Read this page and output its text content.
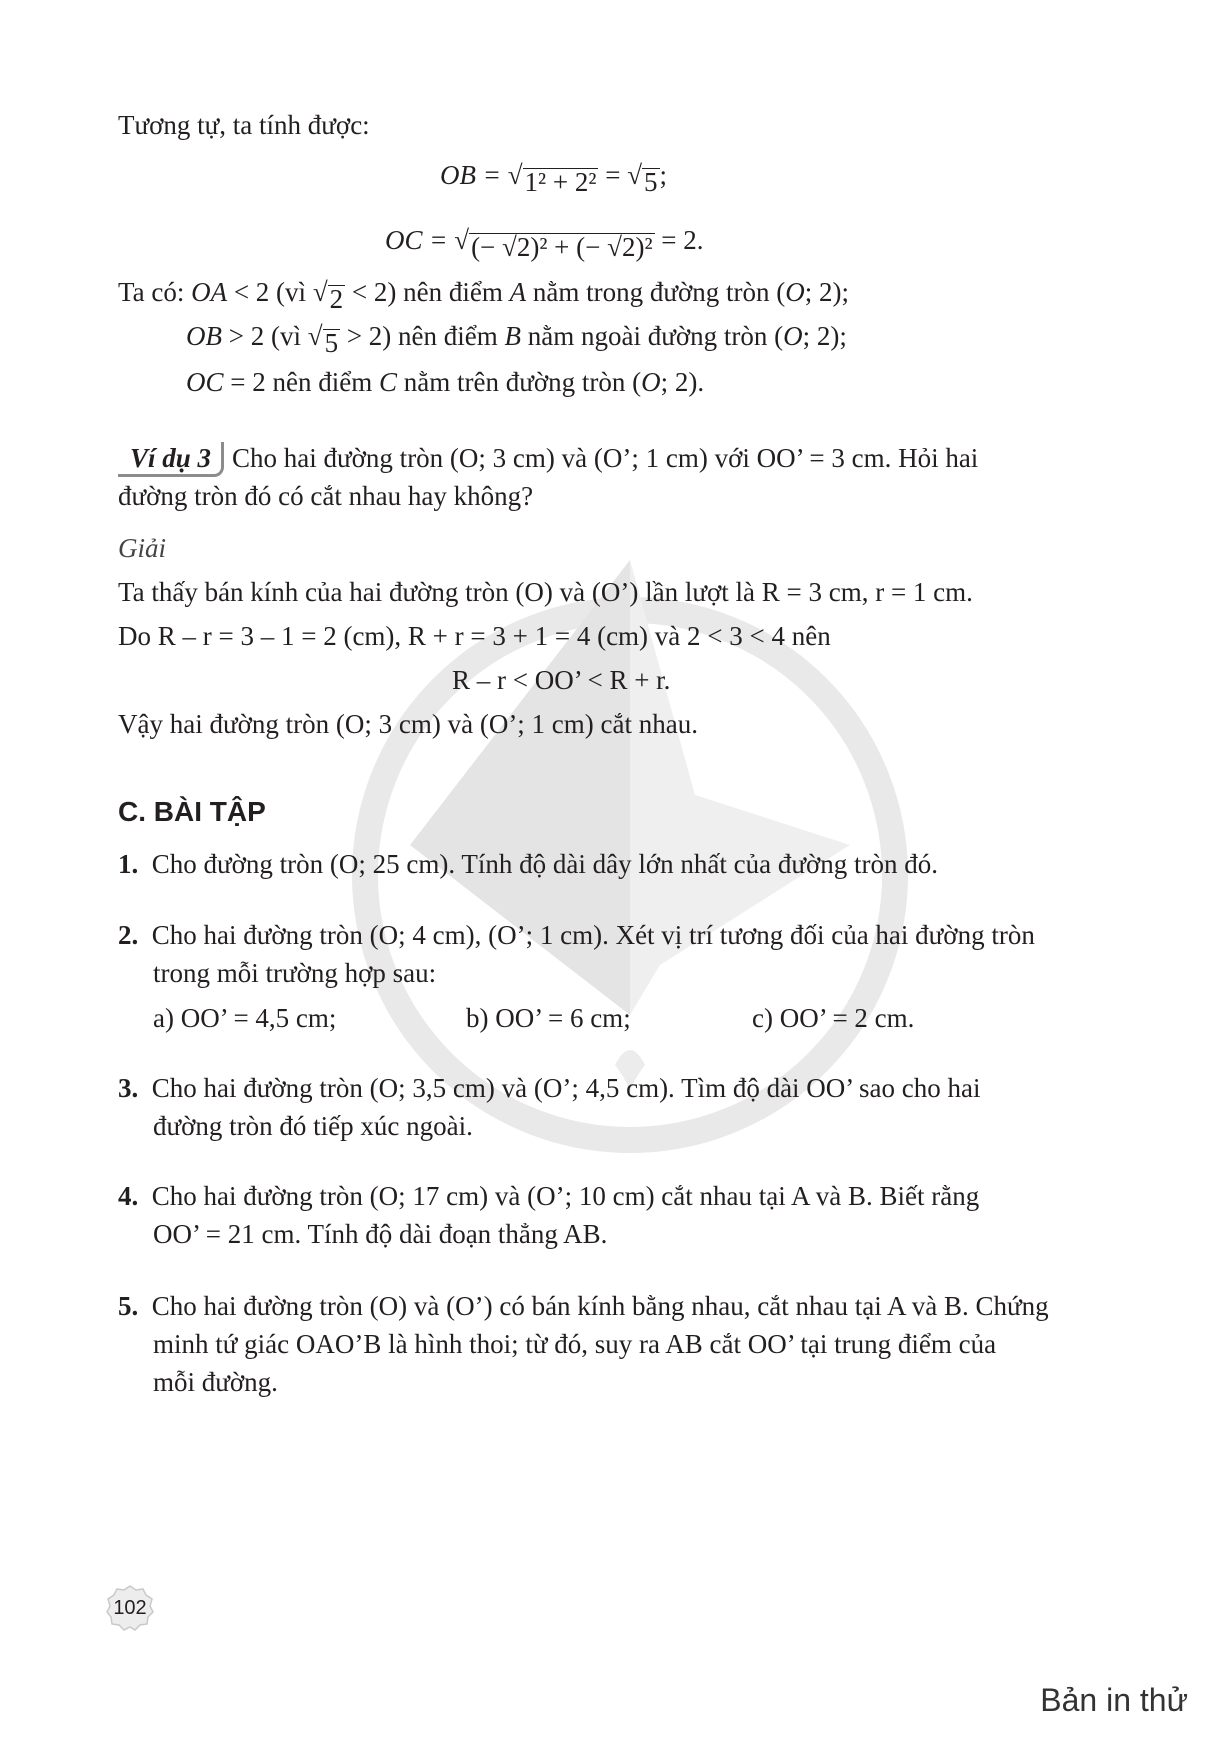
Tương tự, ta tính được:
OB = √ 1² + 2² = √ 5 ;
OC = √ (− √2)² + (− √2)² = 2.
Ta có: OA < 2 (vì √ 2 < 2) nên điểm A nằm trong đường tròn (O; 2);
OB > 2 (vì √ 5 > 2) nên điểm B nằm ngoài đường tròn (O; 2);
OC = 2 nên điểm C nằm trên đường tròn (O; 2).
Ví dụ 3 Cho hai đường tròn (O; 3 cm) và (O’; 1 cm) với OO’ = 3 cm. Hỏi hai
đường tròn đó có cắt nhau hay không?
Giải
Ta thấy bán kính của hai đường tròn (O) và (O’) lần lượt là R = 3 cm, r = 1 cm.
Do R – r = 3 – 1 = 2 (cm), R + r = 3 + 1 = 4 (cm) và 2 < 3 < 4 nên
R – r < OO’ < R + r.
Vậy hai đường tròn (O; 3 cm) và (O’; 1 cm) cắt nhau.
C. BÀI TẬP
1. Cho đường tròn (O; 25 cm). Tính độ dài dây lớn nhất của đường tròn đó.
2. Cho hai đường tròn (O; 4 cm), (O’; 1 cm). Xét vị trí tương đối của hai đường tròn
trong mỗi trường hợp sau:
a) OO’ = 4,5 cm;	b) OO’ = 6 cm;	c) OO’ = 2 cm.
3. Cho hai đường tròn (O; 3,5 cm) và (O’; 4,5 cm). Tìm độ dài OO’ sao cho hai
đường tròn đó tiếp xúc ngoài.
4. Cho hai đường tròn (O; 17 cm) và (O’; 10 cm) cắt nhau tại A và B. Biết rằng
OO’ = 21 cm. Tính độ dài đoạn thẳng AB.
5. Cho hai đường tròn (O) và (O’) có bán kính bằng nhau, cắt nhau tại A và B. Chứng
minh tứ giác OAO’B là hình thoi; từ đó, suy ra AB cắt OO’ tại trung điểm của
mỗi đường.
102
Bản in thử
